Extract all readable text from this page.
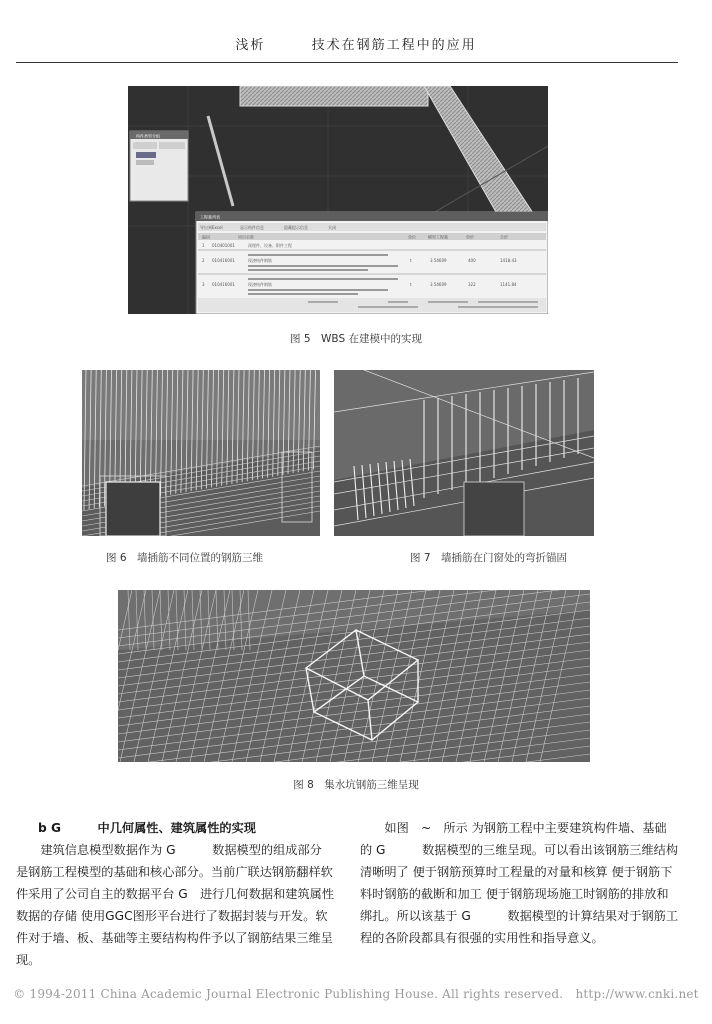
浅析	技术在钢筋工程中的应用
构件类型分组
工程量列表
导出到Excel	显示构件信息	隐藏提示信息	关闭
编码	项目名称	单位	模型工程量	单价	合价
1 010401001	预埋件、设备、附件工程
2 010416001	现浇构件钢筋	t	3.54609	400	1418.43
3 010416001	现浇构件钢筋	t	3.54609	322	1141.84
图 5　WBS 在建模中的实现
图 6　墙插筋不同位置的钢筋三维	图 7　墙插筋在门窗处的弯折锚固
图 8　集水坑钢筋三维呈现

b G　　　中几何属性、建筑属性的实现

建筑信息模型数据作为 G　　　数据模型的组成部分 是钢筋工程模型的基础和核心部分。当前广联达钢筋翻样软件采用了公司自主的数据平台 G　进行几何数据和建筑属性数据的存储 使用GGC图形平台进行了数据封装与开发。软件对于墙、板、基础等主要结构构件予以了钢筋结果三维呈现。

如图　~　所示 为钢筋工程中主要建筑构件墙、基础的 G　　　数据模型的三维呈现。可以看出该钢筋三维结构清晰明了 便于钢筋预算时工程量的对量和核算 便于钢筋下料时钢筋的截断和加工 便于钢筋现场施工时钢筋的排放和绑扎。所以该基于 G　　　数据模型的计算结果对于钢筋工程的各阶段都具有很强的实用性和指导意义。

© 1994-2011 China Academic Journal Electronic Publishing House. All rights reserved.　http://www.cnki.net
